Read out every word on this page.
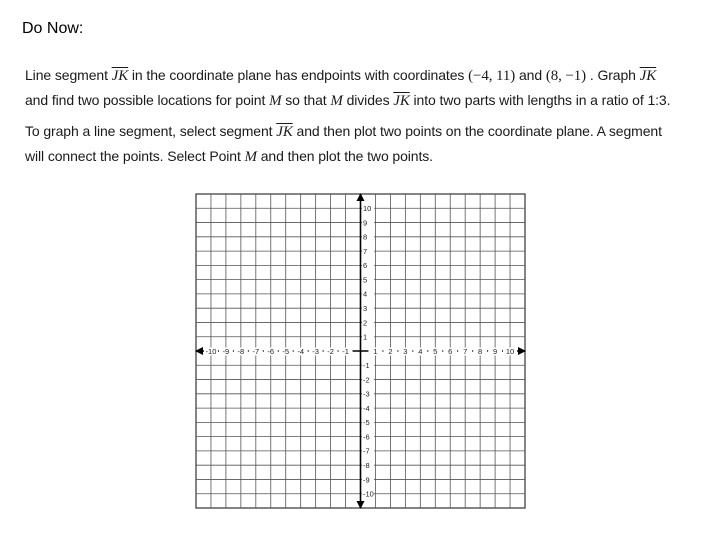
Do Now:
Line segment $\overline{JK}$ in the coordinate plane has endpoints with coordinates (−4, 11) and (8, −1) . Graph $\overline{JK}$
and find two possible locations for point M so that M divides $\overline{JK}$ into two parts with lengths in a ratio of 1:3.
To graph a line segment, select segment $\overline{JK}$ and then plot two points on the coordinate plane. A segment
will connect the points. Select Point M and then plot the two points.
-10 -9 -8 -7 -6 -5 -4 -3 -2 -1	1 2 3 4 5 6 7 8 9 10
10
9
8
7
6
5
4
3
2
1
-1
-2
-3
-4
-5
-6
-7
-8
-9
-10
